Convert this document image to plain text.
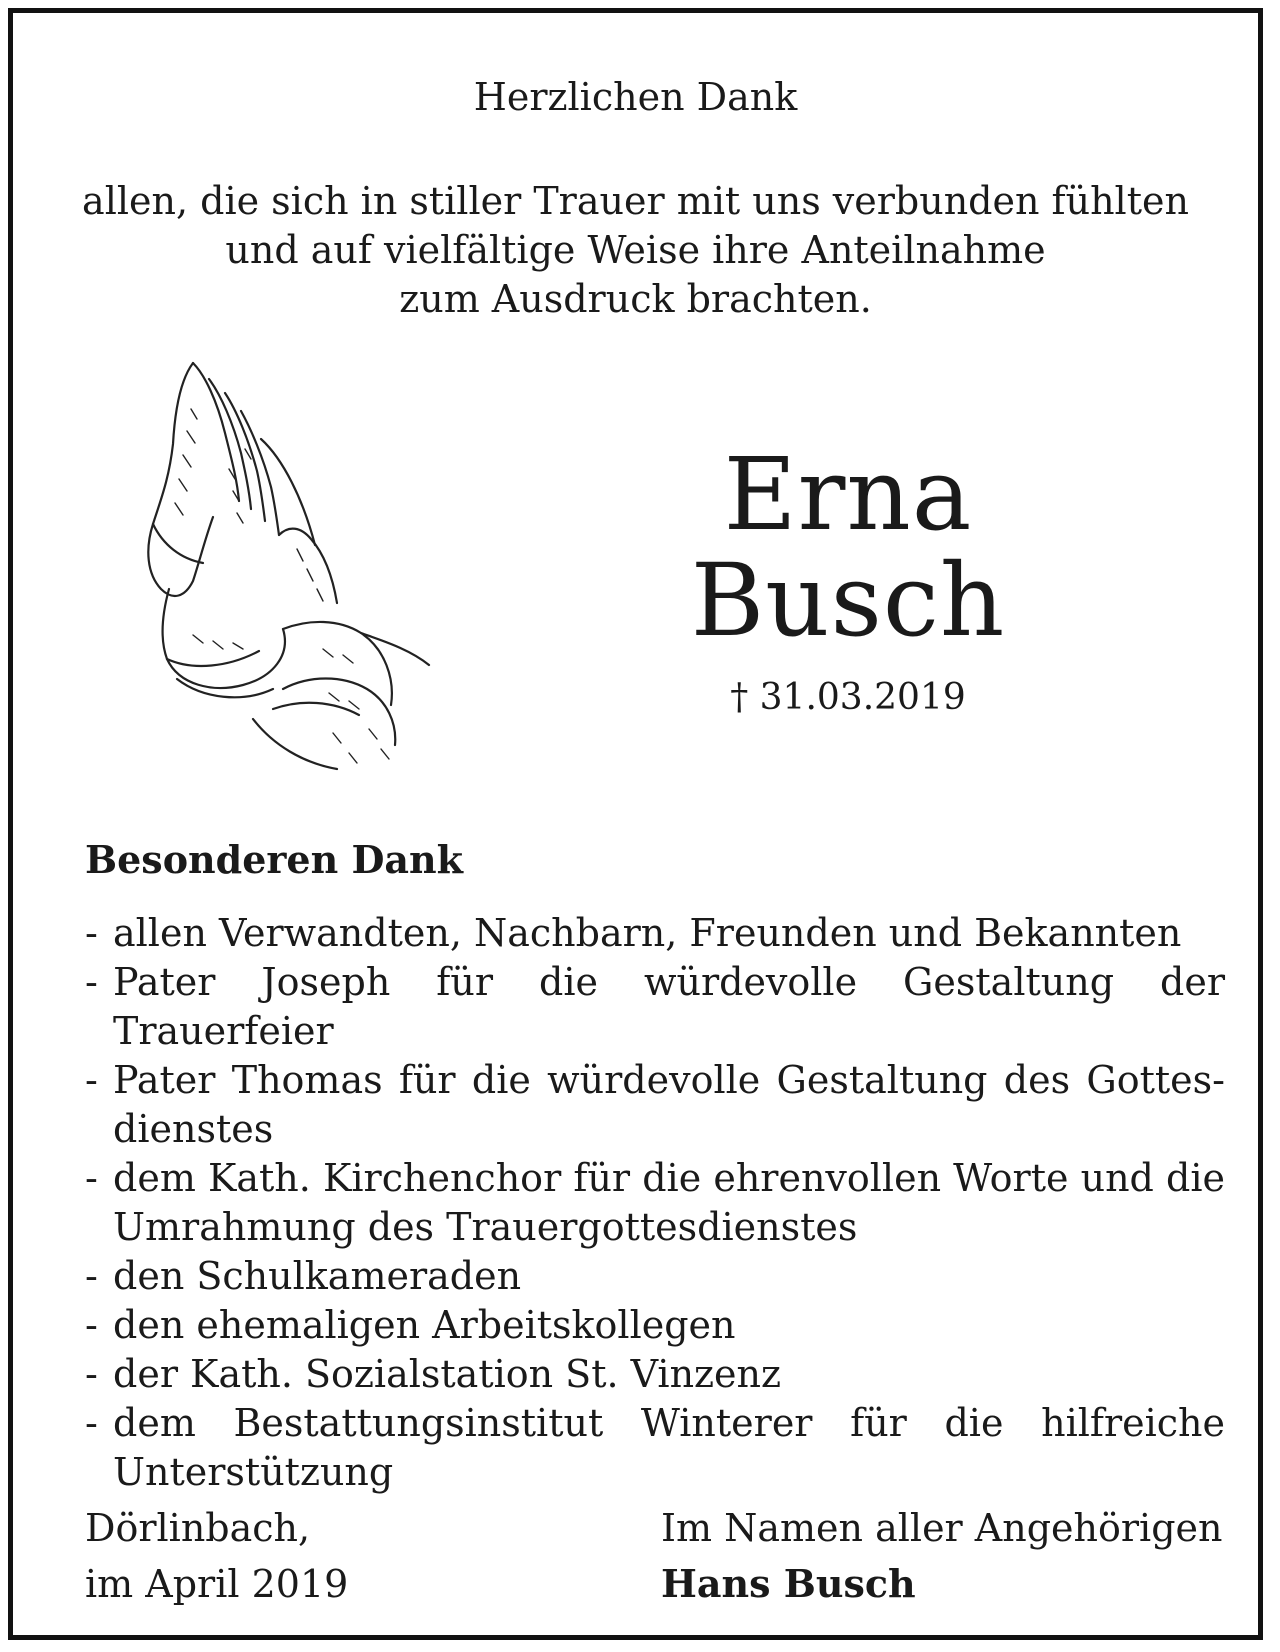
Herzlichen Dank
allen, die sich in stiller Trauer mit uns verbunden fühlten
und auf vielfältige Weise ihre Anteilnahme
zum Ausdruck brachten.
Erna
Busch
† 31.03.2019
Besonderen Dank
- allen Verwandten, Nachbarn, Freunden und Bekannten
- Pater Joseph für die würdevolle Gestaltung der Trauerfeier
- Pater Thomas für die würdevolle Gestaltung des Gottesdienstes
- dem Kath. Kirchenchor für die ehrenvollen Worte und die Umrahmung des Trauergottesdienstes
- den Schulkameraden
- den ehemaligen Arbeitskollegen
- der Kath. Sozialstation St. Vinzenz
- dem Bestattungsinstitut Winterer für die hilfreiche Unterstützung
Dörlinbach,
im April 2019
Im Namen aller Angehörigen
Hans Busch
